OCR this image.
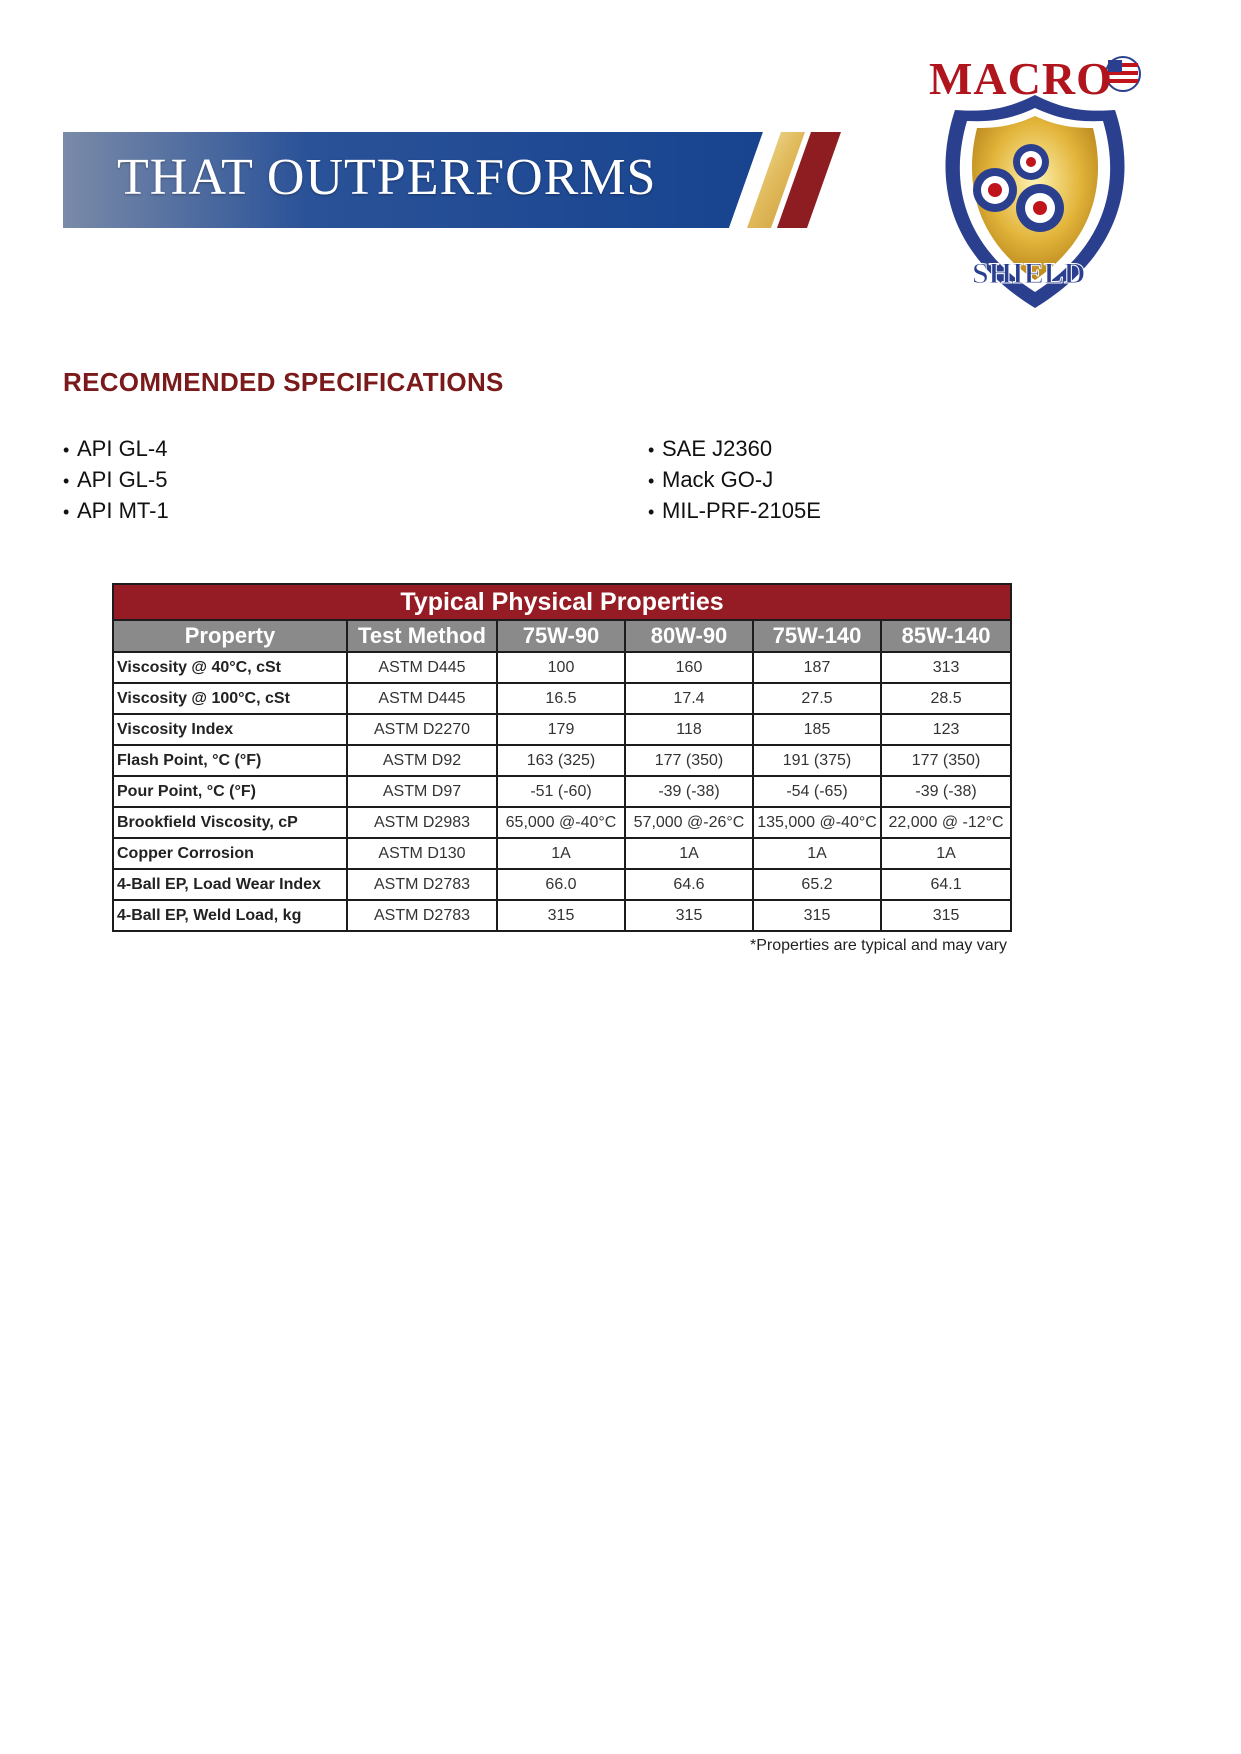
THAT OUTPERFORMS
MACRO
SHIELD
RECOMMENDED SPECIFICATIONS
• API GL-4
• API GL-5
• API MT-1
• SAE J2360
• Mack GO-J
• MIL-PRF-2105E
Typical Physical Properties					
Property	Test Method	75W-90	80W-90	75W-140	85W-140
Viscosity @ 40°C, cSt	ASTM D445	100	160	187	313
Viscosity @ 100°C, cSt	ASTM D445	16.5	17.4	27.5	28.5
Viscosity Index	ASTM D2270	179	118	185	123
Flash Point, °C (°F)	ASTM D92	163 (325)	177 (350)	191 (375)	177 (350)
Pour Point, °C (°F)	ASTM D97	-51 (-60)	-39 (-38)	-54 (-65)	-39 (-38)
Brookfield Viscosity, cP	ASTM D2983	65,000 @-40°C	57,000 @-26°C	135,000 @-40°C	22,000 @ -12°C
Copper Corrosion	ASTM D130	1A	1A	1A	1A
4-Ball EP, Load Wear Index	ASTM D2783	66.0	64.6	65.2	64.1
4-Ball EP, Weld Load, kg	ASTM D2783	315	315	315	315
*Properties are typical and may vary
